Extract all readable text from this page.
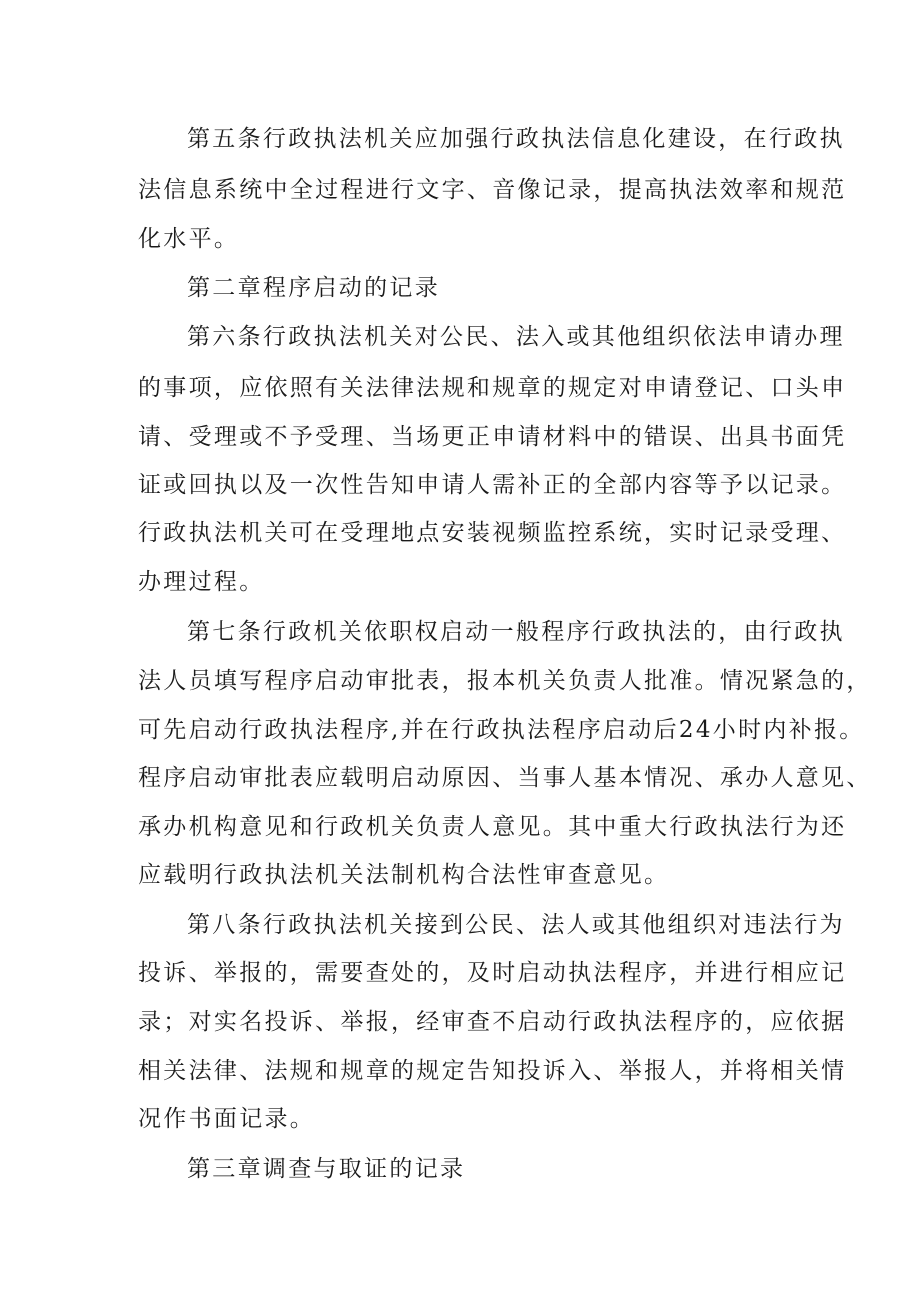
第五条行政执法机关应加强行政执法信息化建设，在行政执
法信息系统中全过程进行文字、音像记录，提高执法效率和规范
化水平。
第二章程序启动的记录
第六条行政执法机关对公民、法入或其他组织依法申请办理
的事项，应依照有关法律法规和规章的规定对申请登记、口头申
请、受理或不予受理、当场更正申请材料中的错误、出具书面凭
证或回执以及一次性告知申请人需补正的全部内容等予以记录。
行政执法机关可在受理地点安装视频监控系统，实时记录受理、
办理过程。
第七条行政机关依职权启动一般程序行政执法的，由行政执
法人员填写程序启动审批表，报本机关负责人批准。情况紧急的，
可先启动行政执法程序,并在行政执法程序启动后24小时内补报。
程序启动审批表应载明启动原因、当事人基本情况、承办人意见、
承办机构意见和行政机关负责人意见。其中重大行政执法行为还
应载明行政执法机关法制机构合法性审查意见。
第八条行政执法机关接到公民、法人或其他组织对违法行为
投诉、举报的，需要查处的，及时启动执法程序，并进行相应记
录；对实名投诉、举报，经审查不启动行政执法程序的，应依据
相关法律、法规和规章的规定告知投诉入、举报人，并将相关情
况作书面记录。
第三章调查与取证的记录
